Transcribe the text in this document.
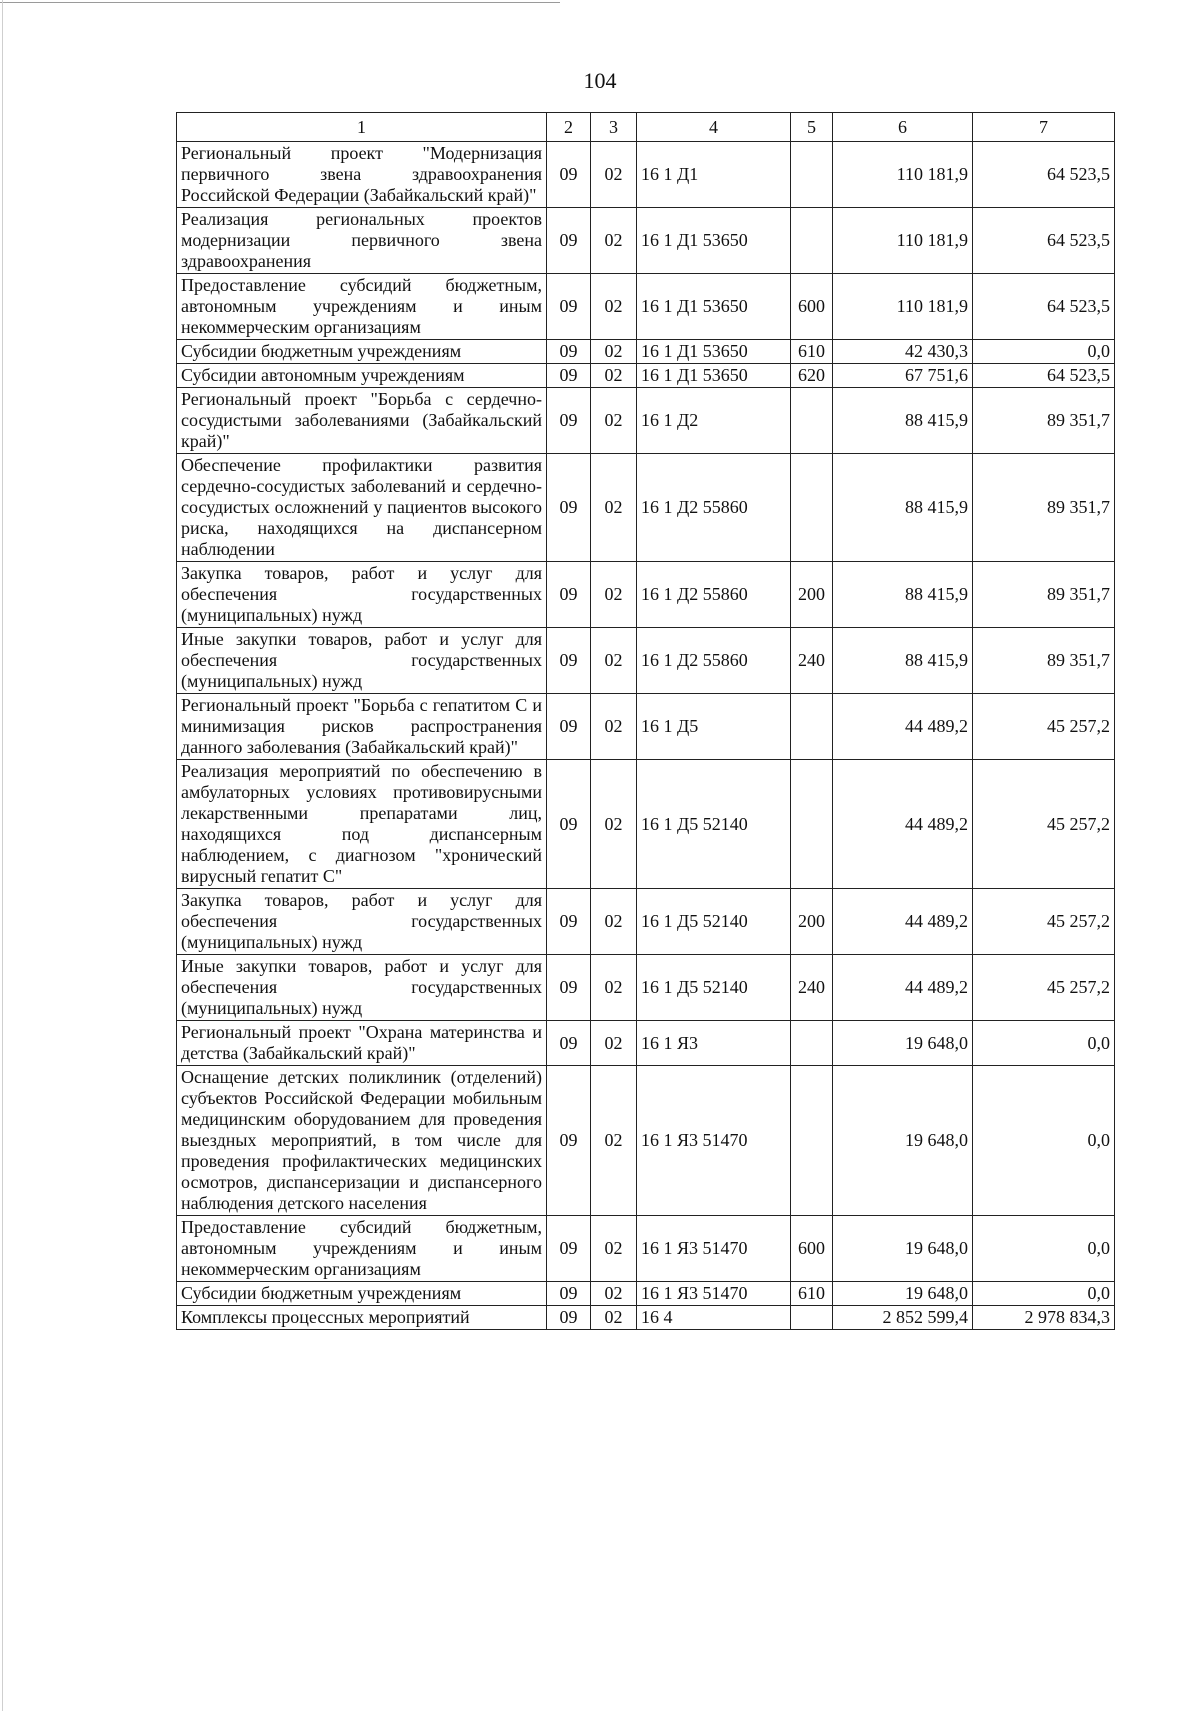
104
1	2	3	4	5	6	7
Региональный проект "Модернизация первичного звена здравоохранения Российской Федерации (Забайкальский край)"	09	02	16 1 Д1		110 181,9	64 523,5
Реализация региональных проектов модернизации первичного звена здравоохранения	09	02	16 1 Д1 53650		110 181,9	64 523,5
Предоставление субсидий бюджетным, автономным учреждениям и иным некоммерческим организациям	09	02	16 1 Д1 53650	600	110 181,9	64 523,5
Субсидии бюджетным учреждениям	09	02	16 1 Д1 53650	610	42 430,3	0,0
Субсидии автономным учреждениям	09	02	16 1 Д1 53650	620	67 751,6	64 523,5
Региональный проект "Борьба с сердечно-сосудистыми заболеваниями (Забайкальский край)"	09	02	16 1 Д2		88 415,9	89 351,7
Обеспечение профилактики развития сердечно-сосудистых заболеваний и сердечно-сосудистых осложнений у пациентов высокого риска, находящихся на диспансерном наблюдении	09	02	16 1 Д2 55860		88 415,9	89 351,7
Закупка товаров, работ и услуг для обеспечения государственных (муниципальных) нужд	09	02	16 1 Д2 55860	200	88 415,9	89 351,7
Иные закупки товаров, работ и услуг для обеспечения государственных (муниципальных) нужд	09	02	16 1 Д2 55860	240	88 415,9	89 351,7
Региональный проект "Борьба с гепатитом С и минимизация рисков распространения данного заболевания (Забайкальский край)"	09	02	16 1 Д5		44 489,2	45 257,2
Реализация мероприятий по обеспечению в амбулаторных условиях противовирусными лекарственными препаратами лиц, находящихся под диспансерным наблюдением, с диагнозом "хронический вирусный гепатит С"	09	02	16 1 Д5 52140		44 489,2	45 257,2
Закупка товаров, работ и услуг для обеспечения государственных (муниципальных) нужд	09	02	16 1 Д5 52140	200	44 489,2	45 257,2
Иные закупки товаров, работ и услуг для обеспечения государственных (муниципальных) нужд	09	02	16 1 Д5 52140	240	44 489,2	45 257,2
Региональный проект "Охрана материнства и детства (Забайкальский край)"	09	02	16 1 Я3		19 648,0	0,0
Оснащение детских поликлиник (отделений) субъектов Российской Федерации мобильным медицинским оборудованием для проведения выездных мероприятий, в том числе для проведения профилактических медицинских осмотров, диспансеризации и диспансерного наблюдения детского населения	09	02	16 1 Я3 51470		19 648,0	0,0
Предоставление субсидий бюджетным, автономным учреждениям и иным некоммерческим организациям	09	02	16 1 Я3 51470	600	19 648,0	0,0
Субсидии бюджетным учреждениям	09	02	16 1 Я3 51470	610	19 648,0	0,0
Комплексы процессных мероприятий	09	02	16 4		2 852 599,4	2 978 834,3
